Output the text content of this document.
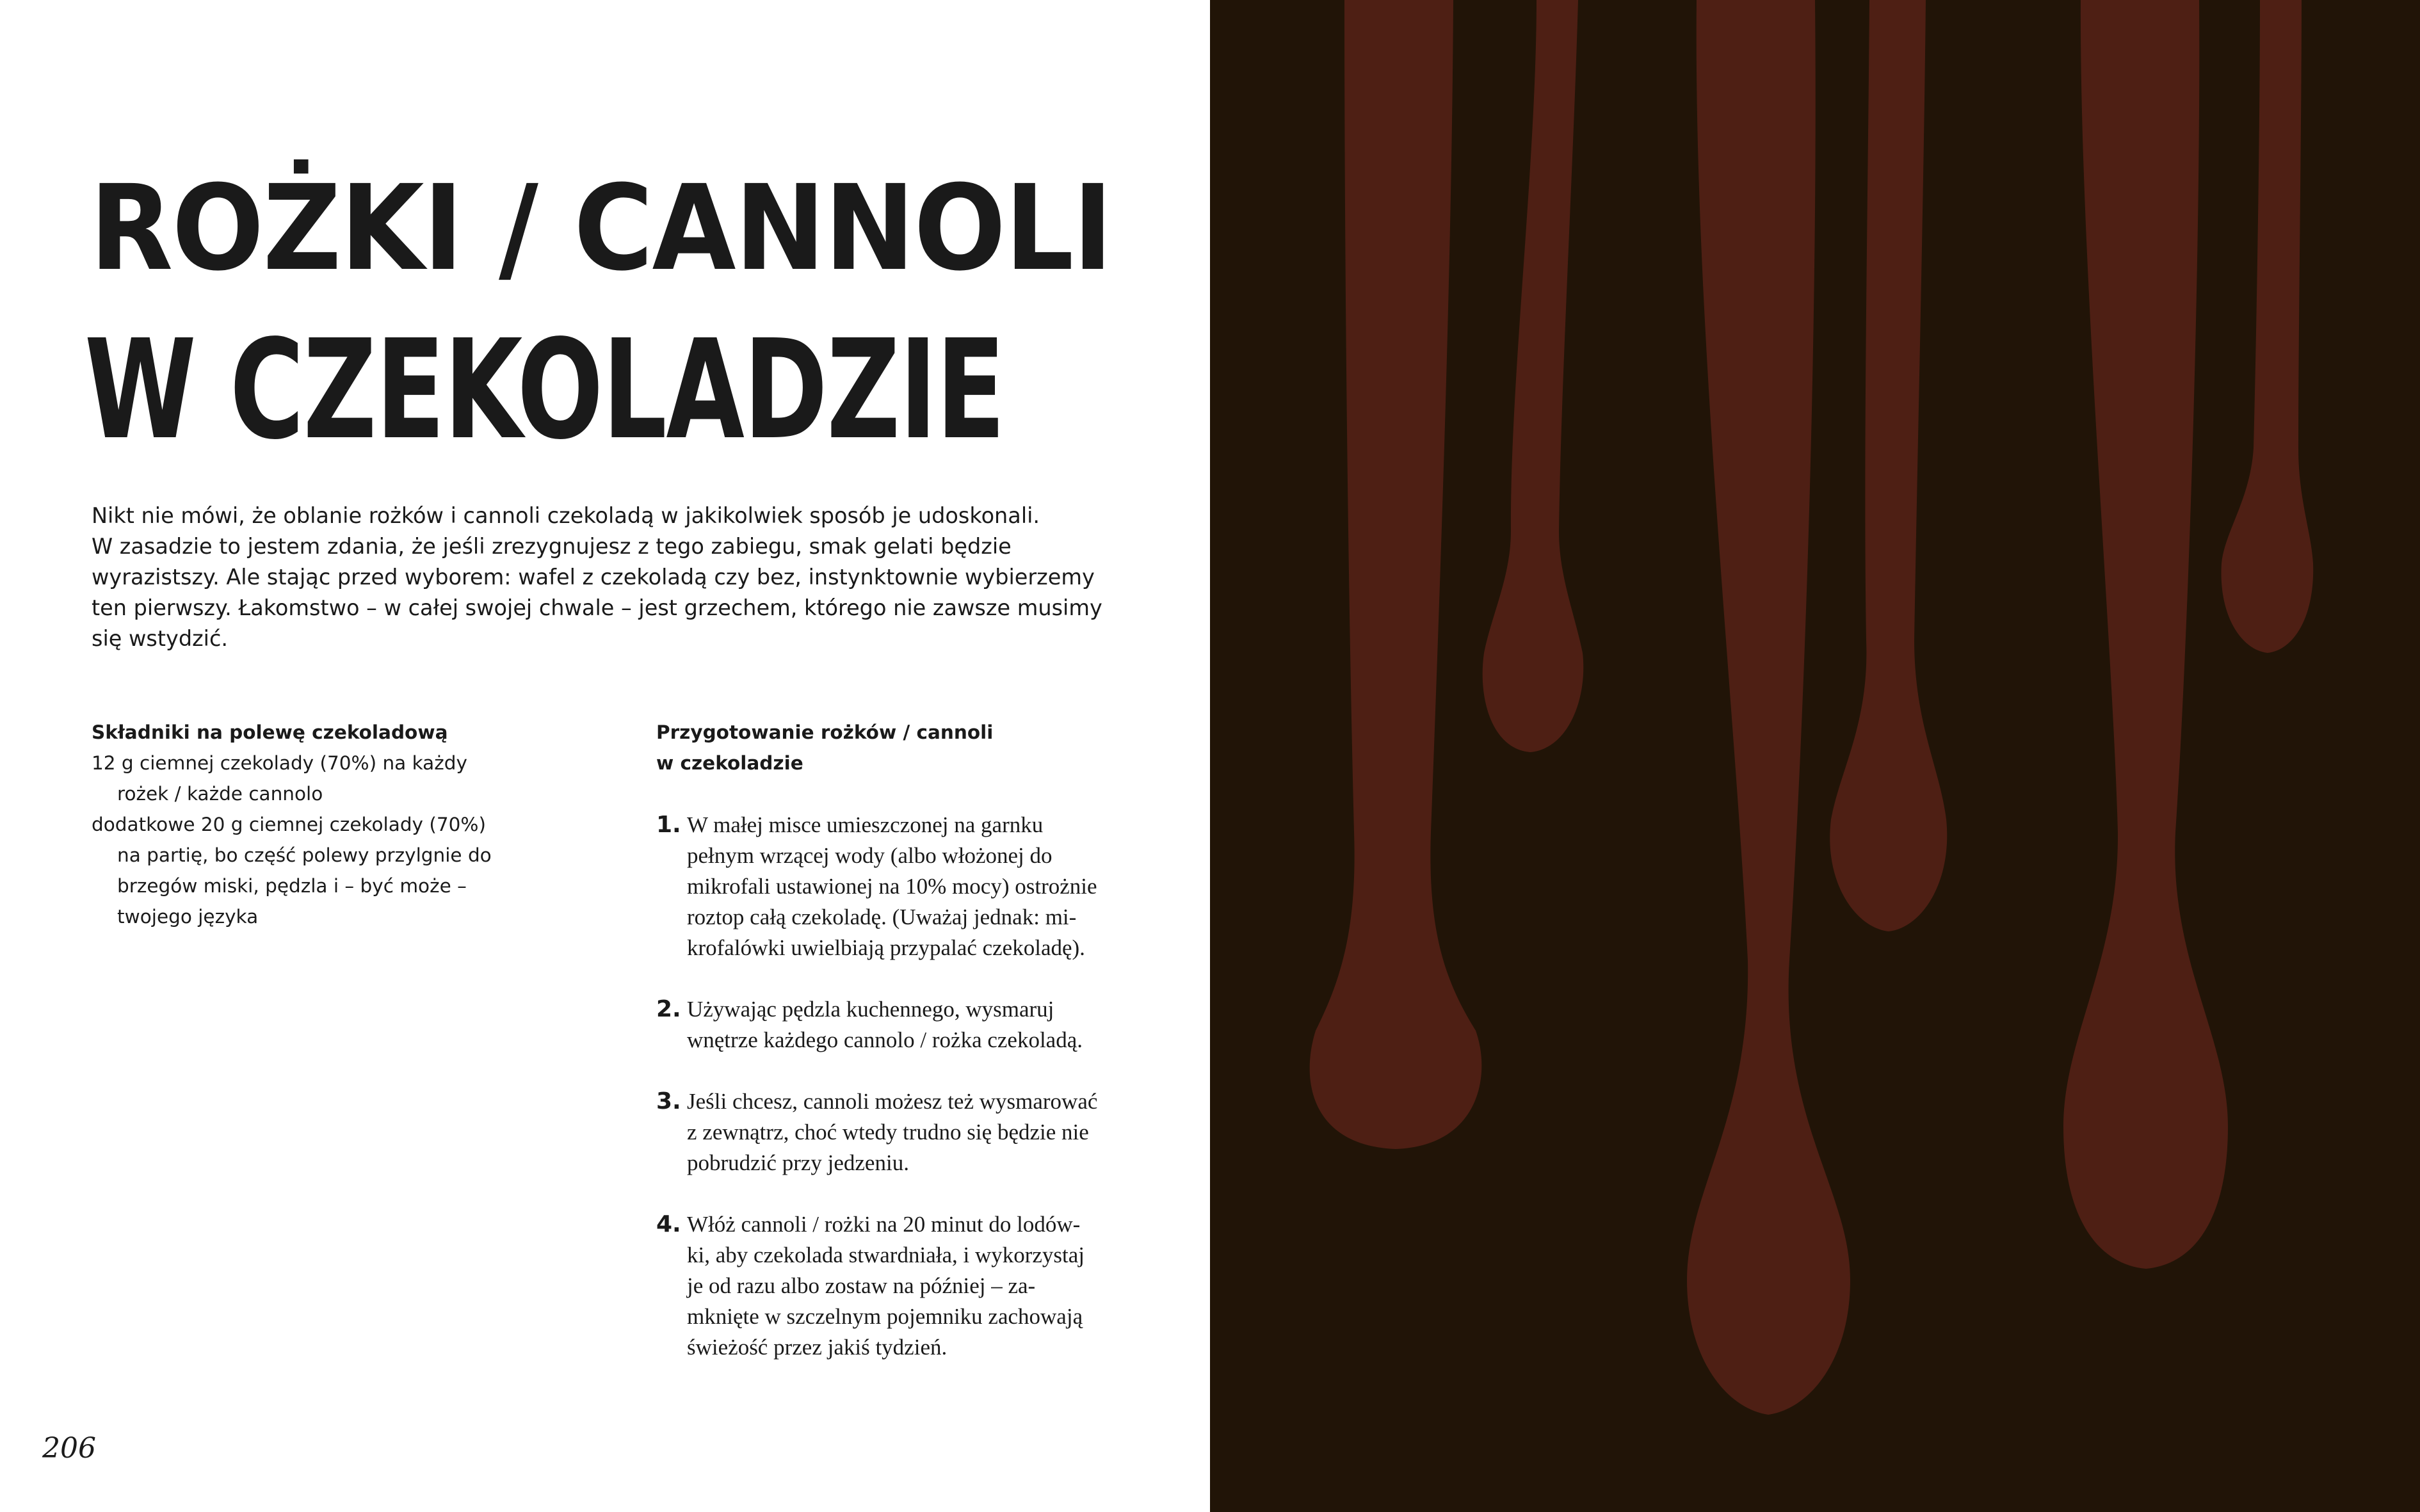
ROŻKI / CANNOLI
W CZEKOLADZIE
Nikt nie mówi, że oblanie rożków i cannoli czekoladą w jakikolwiek sposób je udoskonali.
W zasadzie to jestem zdania, że jeśli zrezygnujesz z tego zabiegu, smak gelati będzie
wyrazistszy. Ale stając przed wyborem: wafel z czekoladą czy bez, instynktownie wybierzemy
ten pierwszy. Łakomstwo – w całej swojej chwale – jest grzechem, którego nie zawsze musimy
się wstydzić.
Składniki na polewę czekoladową
12 g ciemnej czekolady (70%) na każdy
rożek / każde cannolo
dodatkowe 20 g ciemnej czekolady (70%)
na partię, bo część polewy przylgnie do
brzegów miski, pędzla i – być może –
twojego języka
Przygotowanie rożków / cannoli
w czekoladzie
1. W małej misce umieszczonej na garnku
pełnym wrzącej wody (albo włożonej do
mikrofali ustawionej na 10% mocy) ostrożnie
roztop całą czekoladę. (Uważaj jednak: mi-
krofalówki uwielbiają przypalać czekoladę).
2. Używając pędzla kuchennego, wysmaruj
wnętrze każdego cannolo / rożka czekoladą.
3. Jeśli chcesz, cannoli możesz też wysmarować
z zewnątrz, choć wtedy trudno się będzie nie
pobrudzić przy jedzeniu.
4. Włóż cannoli / rożki na 20 minut do lodów-
ki, aby czekolada stwardniała, i wykorzystaj
je od razu albo zostaw na później – za-
mknięte w szczelnym pojemniku zachowają
świeżość przez jakiś tydzień.
206
